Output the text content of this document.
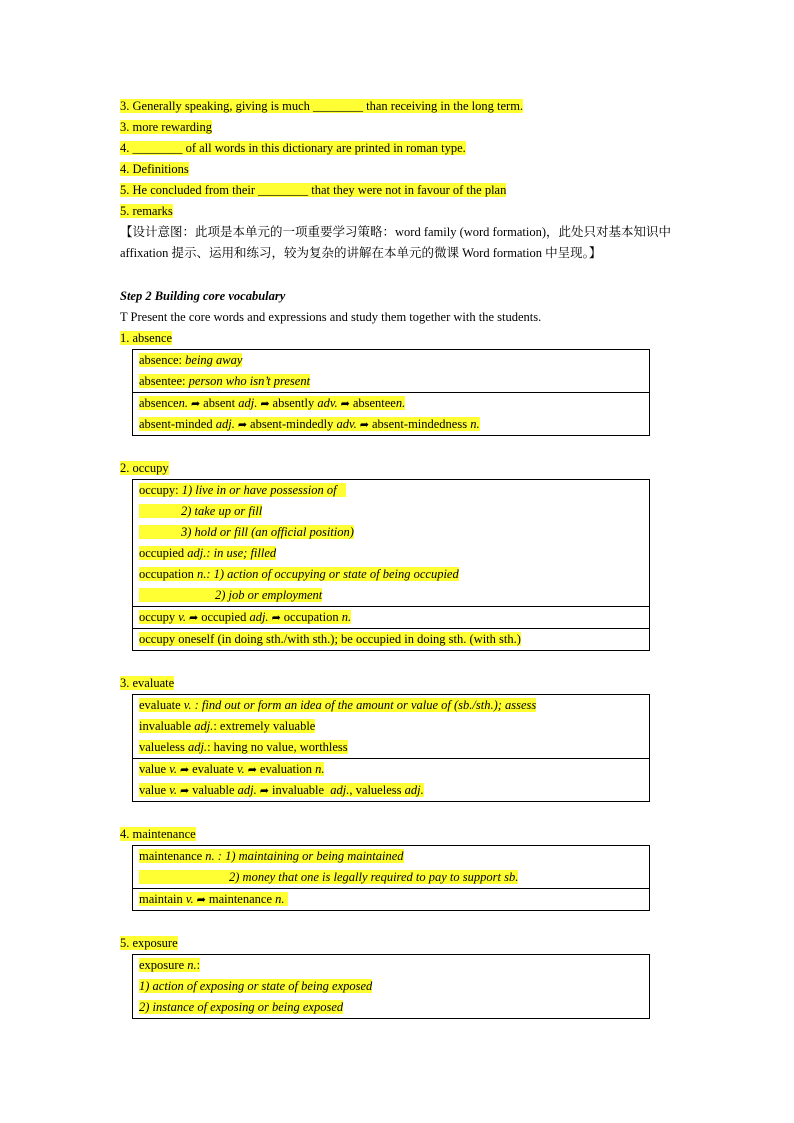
3. Generally speaking, giving is much ________ than receiving in the long term.
3. more rewarding
4. ________ of all words in this dictionary are printed in roman type.
4. Definitions
5. He concluded from their ________ that they were not in favour of the plan
5. remarks
【设计意图：此项是本单元的一项重要学习策略：word family (word formation)，此处只对基本知识中 affixation 提示、运用和练习，较为复杂的讲解在本单元的微课 Word formation 中呈现。】
Step 2 Building core vocabulary
T Present the core words and expressions and study them together with the students.
1. absence
absence: being away
absentee: person who isn’t present
absencen. ➦ absent adj. ➦ absently adv. ➦ absenteen.
absent-minded adj. ➦ absent-mindedly adv. ➦ absent-mindedness n.
2. occupy
occupy: 1) live in or have possession of
2) take up or fill
3) hold or fill (an official position)
occupied adj.: in use; filled
occupation n.: 1) action of occupying or state of being occupied
2) job or employment
occupy v. ➦ occupied adj. ➦ occupation n.
occupy oneself (in doing sth./with sth.); be occupied in doing sth. (with sth.)
3. evaluate
evaluate v. : find out or form an idea of the amount or value of (sb./sth.); assess
invaluable adj.: extremely valuable
valueless adj.: having no value, worthless
value v. ➦ evaluate v. ➦ evaluation n.
value v. ➦ valuable adj. ➦ invaluable adj., valueless adj.
4. maintenance
maintenance n. : 1) maintaining or being maintained
2) money that one is legally required to pay to support sb.
maintain v. ➦ maintenance n.
5. exposure
exposure n.:
1) action of exposing or state of being exposed
2) instance of exposing or being exposed
